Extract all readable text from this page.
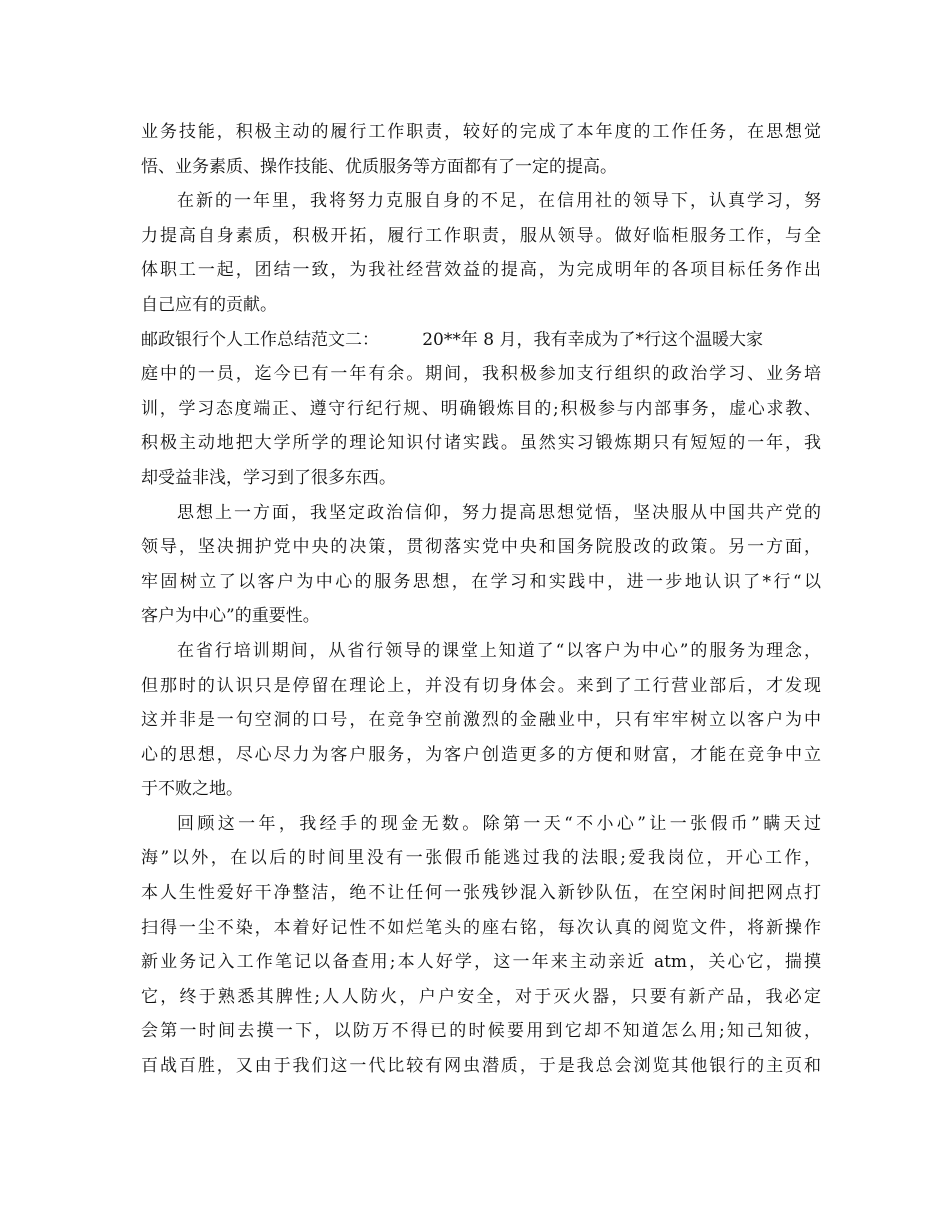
业务技能，积极主动的履行工作职责，较好的完成了本年度的工作任务，在思想觉
悟、业务素质、操作技能、优质服务等方面都有了一定的提高。
在新的一年里，我将努力克服自身的不足，在信用社的领导下，认真学习，努
力提高自身素质，积极开拓，履行工作职责，服从领导。做好临柜服务工作，与全
体职工一起，团结一致，为我社经营效益的提高，为完成明年的各项目标任务作出
自己应有的贡献。
邮政银行个人工作总结范文二：        20**年 8 月，我有幸成为了*行这个温暖大家
庭中的一员，迄今已有一年有余。期间，我积极参加支行组织的政治学习、业务培
训，学习态度端正、遵守行纪行规、明确锻炼目的;积极参与内部事务，虚心求教、
积极主动地把大学所学的理论知识付诸实践。虽然实习锻炼期只有短短的一年，我
却受益非浅，学习到了很多东西。
思想上一方面，我坚定政治信仰，努力提高思想觉悟，坚决服从中国共产党的
领导，坚决拥护党中央的决策，贯彻落实党中央和国务院股改的政策。另一方面，
牢固树立了以客户为中心的服务思想，在学习和实践中，进一步地认识了*行“以
客户为中心”的重要性。
在省行培训期间，从省行领导的课堂上知道了“以客户为中心”的服务为理念，
但那时的认识只是停留在理论上，并没有切身体会。来到了工行营业部后，才发现
这并非是一句空洞的口号，在竞争空前激烈的金融业中，只有牢牢树立以客户为中
心的思想，尽心尽力为客户服务，为客户创造更多的方便和财富，才能在竞争中立
于不败之地。
回顾这一年，我经手的现金无数。除第一天“不小心”让一张假币”瞒天过
海”以外，在以后的时间里没有一张假币能逃过我的法眼;爱我岗位，开心工作，
本人生性爱好干净整洁，绝不让任何一张残钞混入新钞队伍，在空闲时间把网点打
扫得一尘不染，本着好记性不如烂笔头的座右铭，每次认真的阅览文件，将新操作
新业务记入工作笔记以备查用;本人好学，这一年来主动亲近 atm，关心它，揣摸
它，终于熟悉其脾性;人人防火，户户安全，对于灭火器，只要有新产品，我必定
会第一时间去摸一下，以防万不得已的时候要用到它却不知道怎么用;知己知彼，
百战百胜，又由于我们这一代比较有网虫潜质，于是我总会浏览其他银行的主页和
